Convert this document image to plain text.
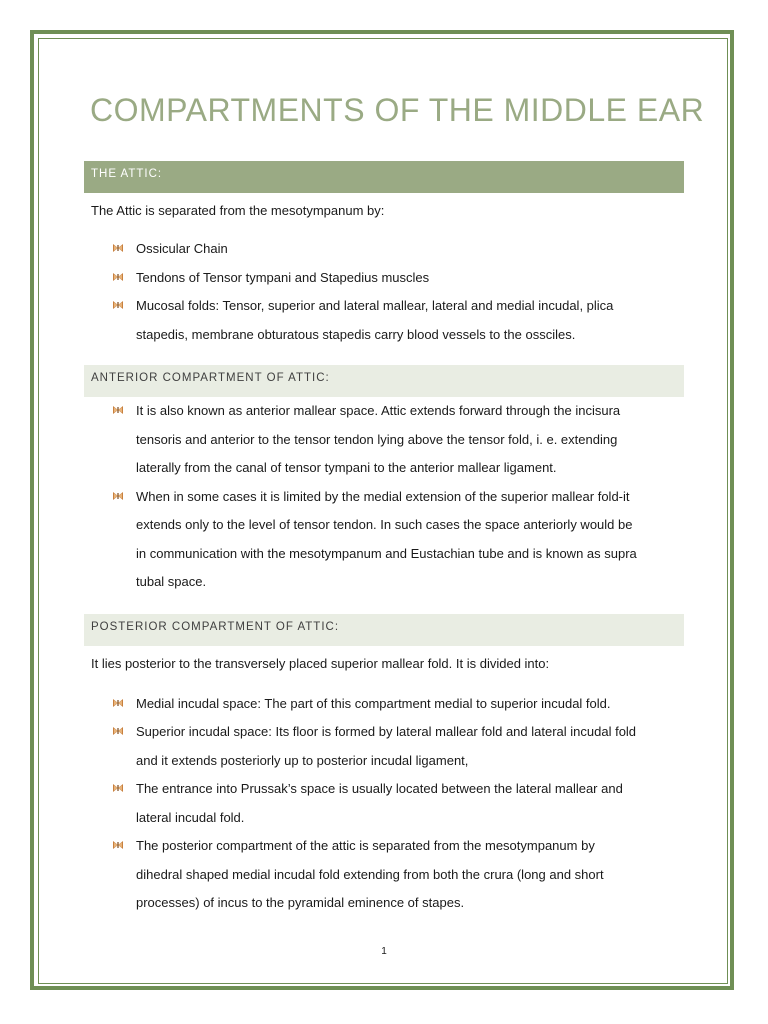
COMPARTMENTS OF THE MIDDLE EAR
THE ATTIC:

The Attic is separated from the mesotympanum by:

Ossicular Chain
Tendons of Tensor tympani and Stapedius muscles
Mucosal folds: Tensor, superior and lateral mallear, lateral and medial incudal, plica
stapedis, membrane obturatous stapedis carry blood vessels to the ossciles.
ANTERIOR COMPARTMENT OF ATTIC:
It is also known as anterior mallear space. Attic extends forward through the incisura
tensoris and anterior to the tensor tendon lying above the tensor fold, i. e. extending
laterally from the canal of tensor tympani to the anterior mallear ligament.
When in some cases it is limited by the medial extension of the superior mallear fold-it
extends only to the level of tensor tendon. In such cases the space anteriorly would be
in communication with the mesotympanum and Eustachian tube and is known as supra
tubal space.
POSTERIOR COMPARTMENT OF ATTIC:

It lies posterior to the transversely placed superior mallear fold. It is divided into:

Medial incudal space: The part of this compartment medial to superior incudal fold.
Superior incudal space: Its floor is formed by lateral mallear fold and lateral incudal fold
and it extends posteriorly up to posterior incudal ligament,
The entrance into Prussak’s space is usually located between the lateral mallear and
lateral incudal fold.
The posterior compartment of the attic is separated from the mesotympanum by
dihedral shaped medial incudal fold extending from both the crura (long and short
processes) of incus to the pyramidal eminence of stapes.
1
